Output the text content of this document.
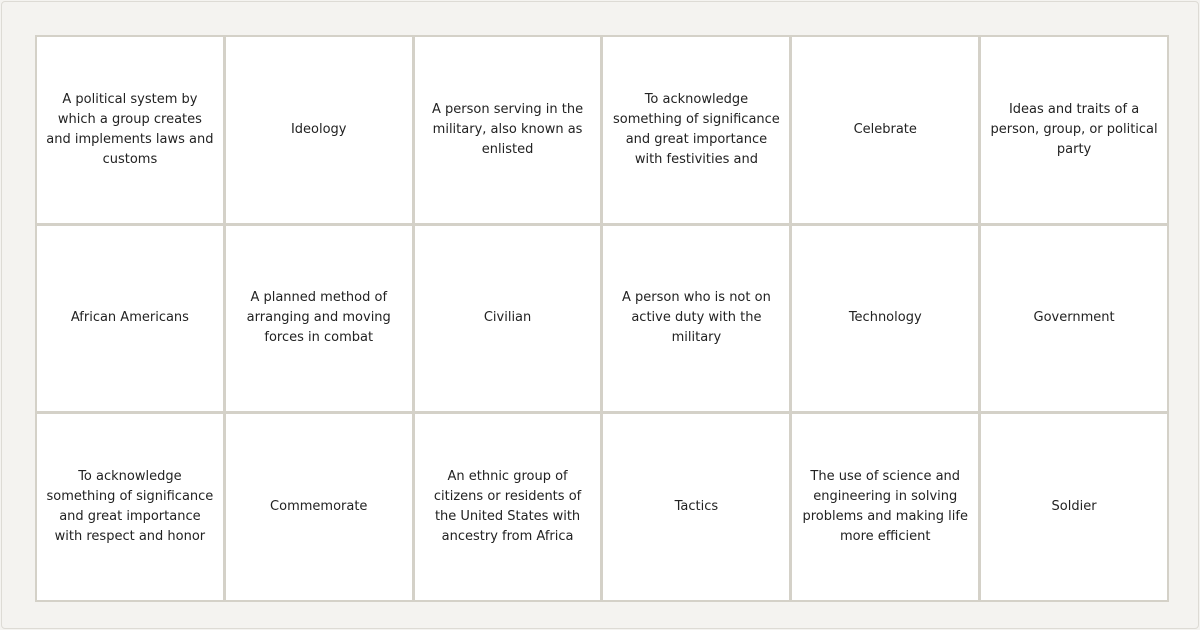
A political system by which a group creates and implements laws and customs
Ideology
A person serving in the military, also known as enlisted
To acknowledge something of significance and great importance with festivities and
Celebrate
Ideas and traits of a person, group, or political party
African Americans
A planned method of arranging and moving forces in combat
Civilian
A person who is not on active duty with the military
Technology	Government
To acknowledge something of significance and great importance with respect and honor
Commemorate
An ethnic group of citizens or residents of the United States with ancestry from Africa
Tactics
The use of science and engineering in solving problems and making life more efficient
Soldier
